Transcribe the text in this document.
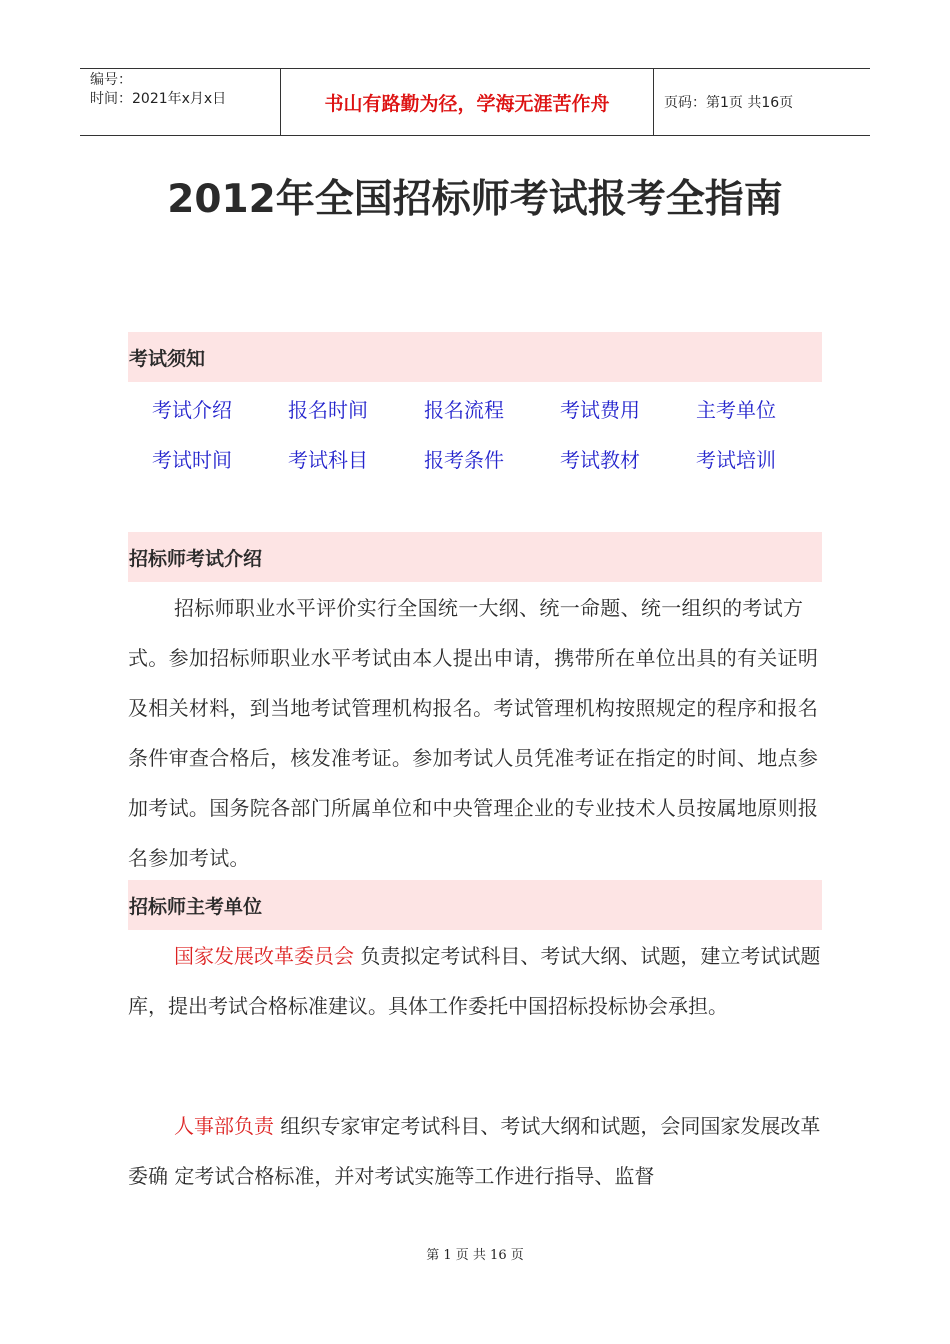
编号：
时间：2021年x月x日	书山有路勤为径，学海无涯苦作舟	页码：第1页 共16页
2012年全国招标师考试报考全指南
考试须知
考试介绍	报名时间	报名流程	考试费用	主考单位
考试时间	考试科目	报考条件	考试教材	考试培训
招标师考试介绍

招标师职业水平评价实行全国统一大纲、统一命题、统一组织的考试方式。参加招标师职业水平考试由本人提出申请，携带所在单位出具的有关证明及相关材料，到当地考试管理机构报名。考试管理机构按照规定的程序和报名条件审查合格后，核发准考证。参加考试人员凭准考证在指定的时间、地点参加考试。国务院各部门所属单位和中央管理企业的专业技术人员按属地原则报名参加考试。

招标师主考单位

国家发展改革委员会 负责拟定考试科目、考试大纲、试题，建立考试试题库，提出考试合格标准建议。具体工作委托中国招标投标协会承担。

人事部负责 组织专家审定考试科目、考试大纲和试题，会同国家发展改革委确 定考试合格标准，并对考试实施等工作进行指导、监督

第 1 页 共 16 页
